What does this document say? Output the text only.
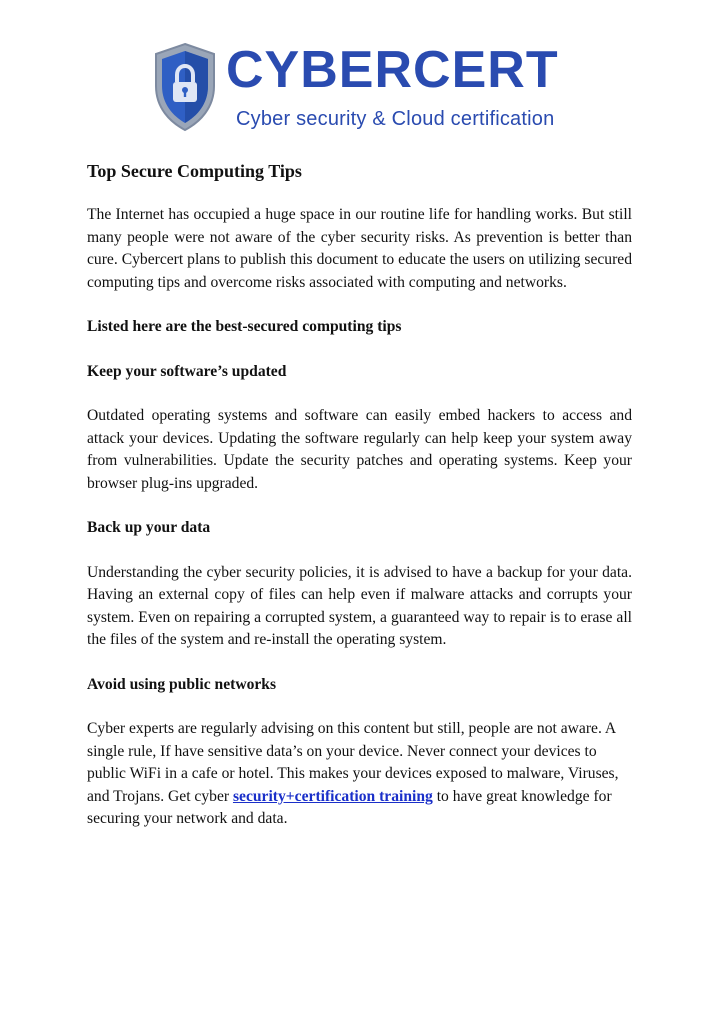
CYBERCERT
Cyber security & Cloud certification
Top Secure Computing Tips

The Internet has occupied a huge space in our routine life for handling works. But still many people were not aware of the cyber security risks. As prevention is better than cure. Cybercert plans to publish this document to educate the users on utilizing secured computing tips and overcome risks associated with computing and networks.

Listed here are the best-secured computing tips

Keep your software’s updated

Outdated operating systems and software can easily embed hackers to access and attack your devices. Updating the software regularly can help keep your system away from vulnerabilities. Update the security patches and operating systems. Keep your browser plug-ins upgraded.

Back up your data

Understanding the cyber security policies, it is advised to have a backup for your data. Having an external copy of files can help even if malware attacks and corrupts your system. Even on repairing a corrupted system, a guaranteed way to repair is to erase all the files of the system and re-install the operating system.

Avoid using public networks

Cyber experts are regularly advising on this content but still, people are not aware. A single rule, If have sensitive data’s on your device. Never connect your devices to public WiFi in a cafe or hotel. This makes your devices exposed to malware, Viruses, and Trojans. Get cyber security+certification training to have great knowledge for securing your network and data.
